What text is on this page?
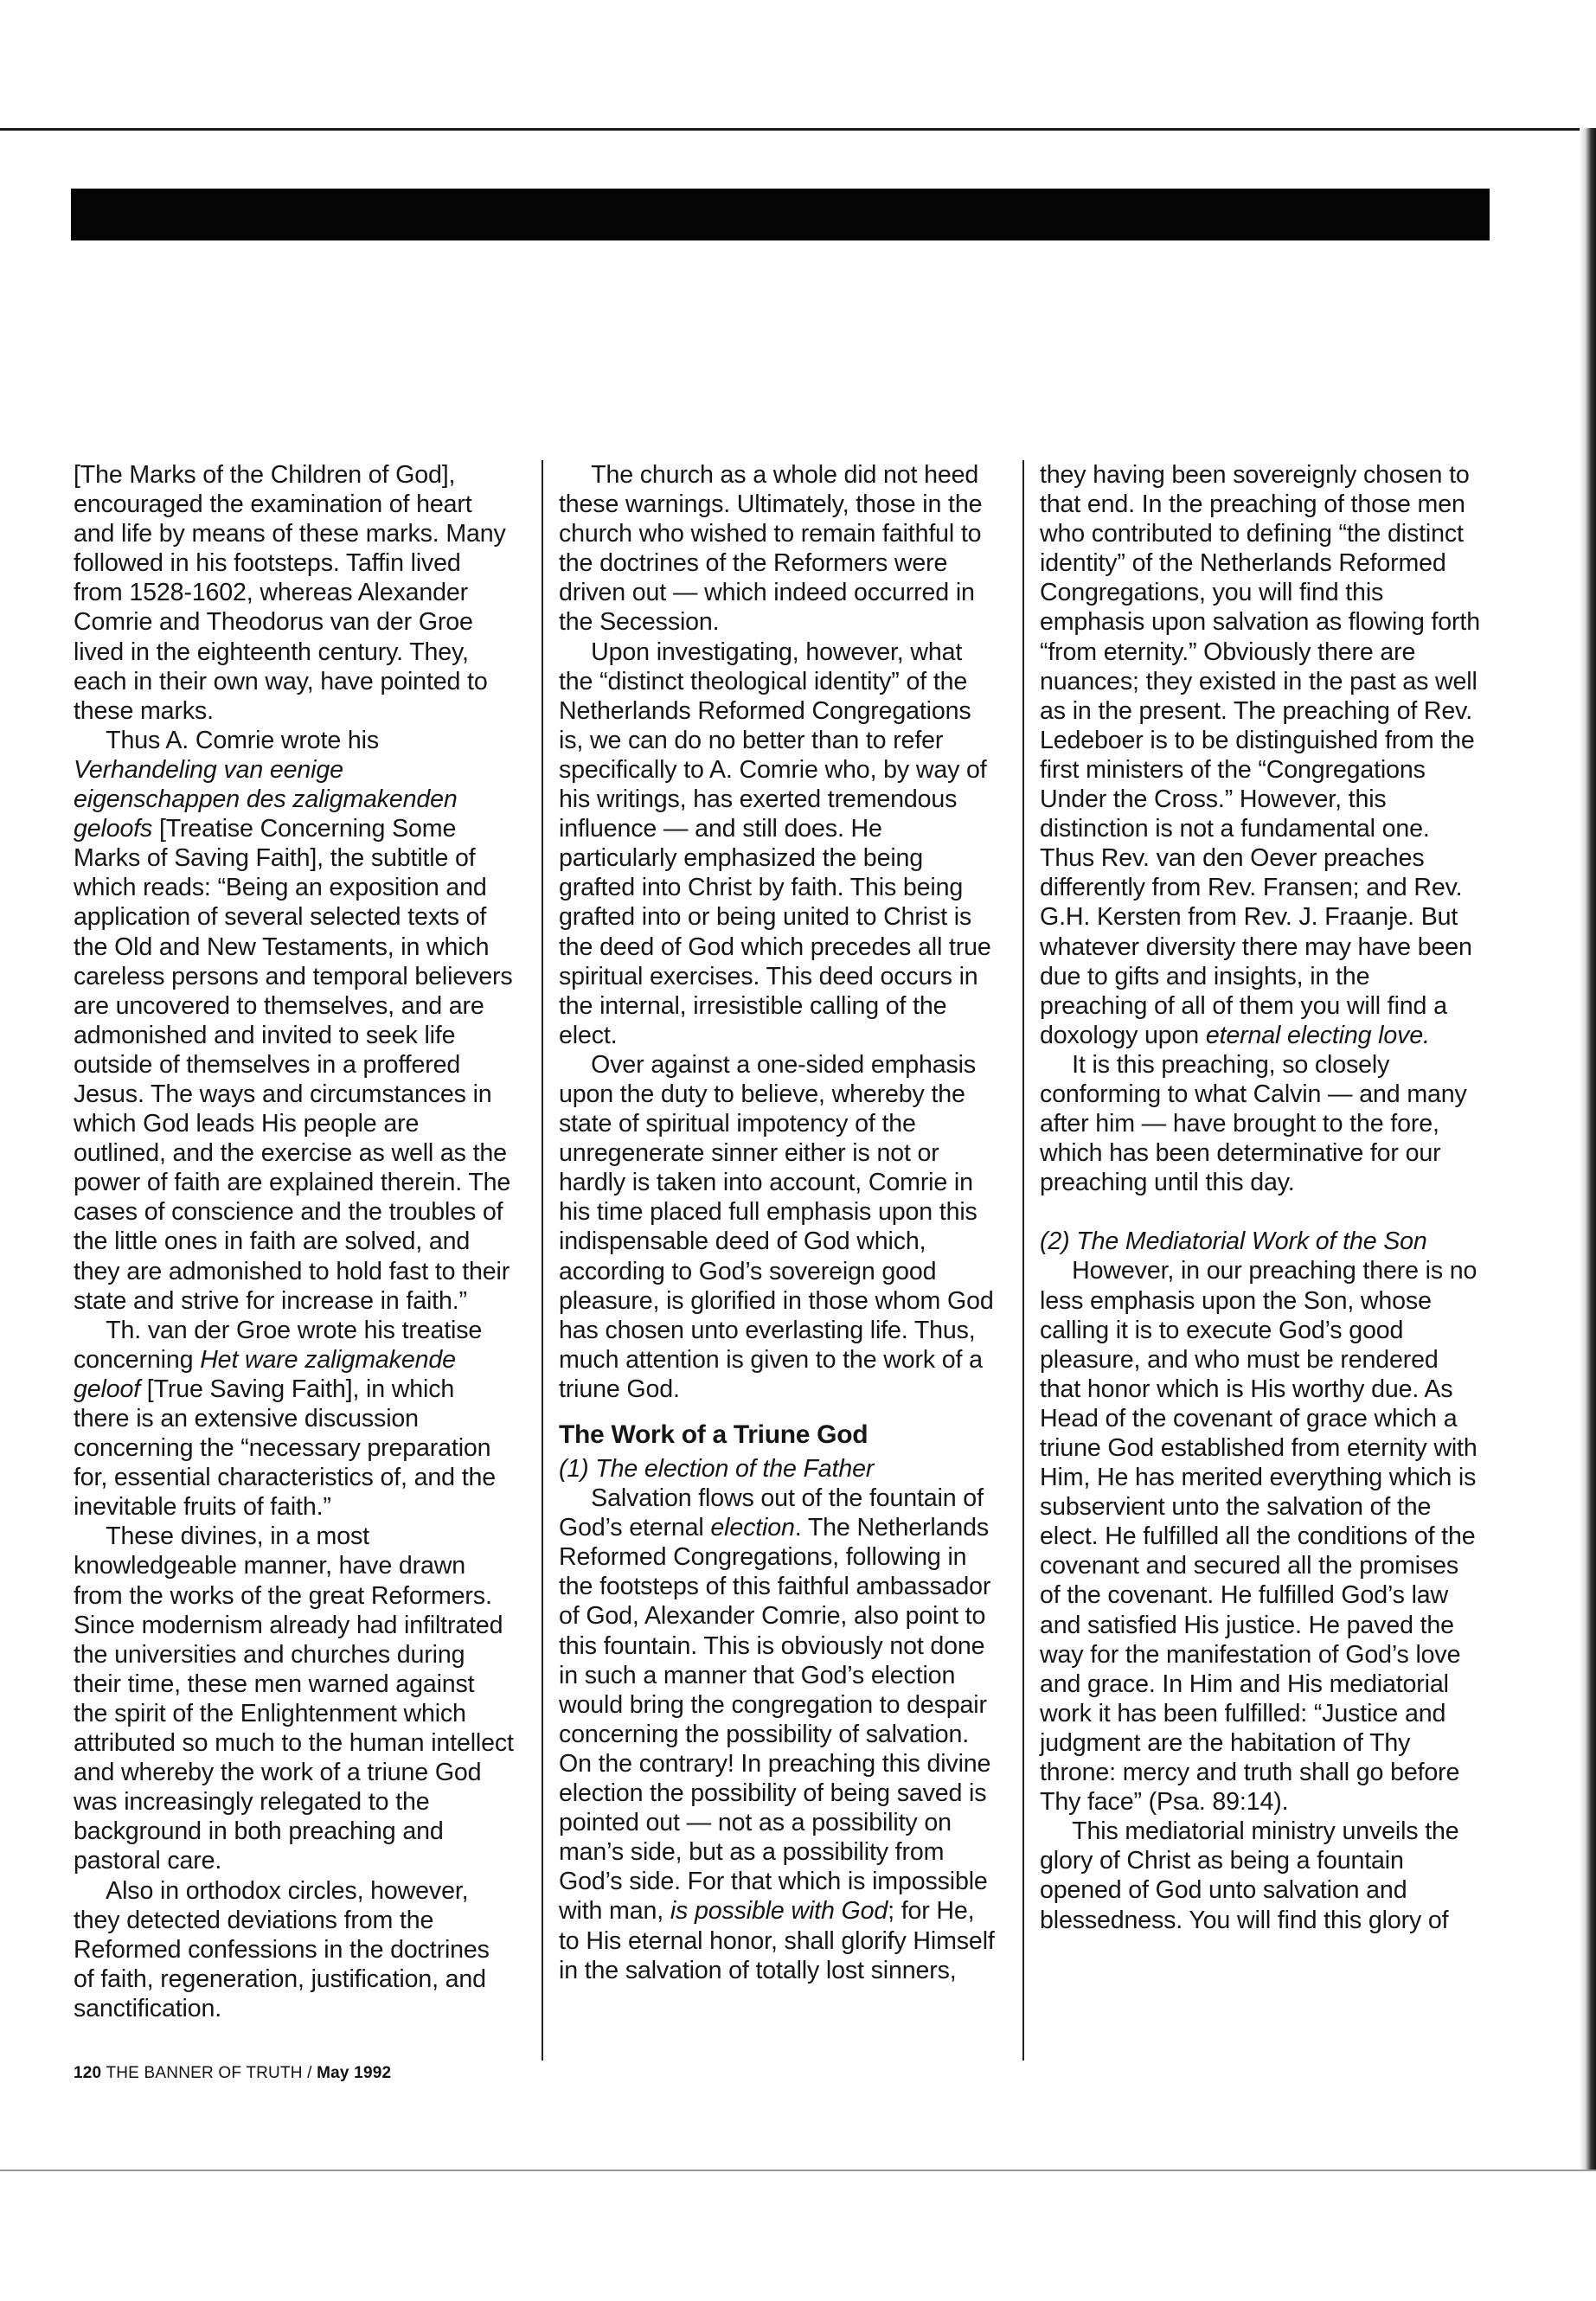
[The Marks of the Children of God], encouraged the examination of heart and life by means of these marks. Many followed in his footsteps. Taffin lived from 1528-1602, whereas Alexander Comrie and Theodorus van der Groe lived in the eighteenth century. They, each in their own way, have pointed to these marks.

Thus A. Comrie wrote his Verhandeling van eenige eigenschappen des zaligmakenden geloofs [Treatise Concerning Some Marks of Saving Faith], the subtitle of which reads: “Being an exposition and application of several selected texts of the Old and New Testaments, in which careless persons and temporal believers are uncovered to themselves, and are admonished and invited to seek life outside of themselves in a proffered Jesus. The ways and circumstances in which God leads His people are outlined, and the exercise as well as the power of faith are explained therein. The cases of conscience and the troubles of the little ones in faith are solved, and they are admonished to hold fast to their state and strive for increase in faith.”

Th. van der Groe wrote his treatise concerning Het ware zaligmakende geloof [True Saving Faith], in which there is an extensive discussion concerning the “necessary preparation for, essential characteristics of, and the inevitable fruits of faith.”

These divines, in a most knowledgeable manner, have drawn from the works of the great Reformers. Since modernism already had infiltrated the universities and churches during their time, these men warned against the spirit of the Enlightenment which attributed so much to the human intellect and whereby the work of a triune God was increasingly relegated to the background in both preaching and pastoral care.

Also in orthodox circles, however, they detected deviations from the Reformed confessions in the doctrines of faith, regeneration, justification, and sanctification.

The church as a whole did not heed these warnings. Ultimately, those in the church who wished to remain faithful to the doctrines of the Reformers were driven out — which indeed occurred in the Secession.

Upon investigating, however, what the “distinct theological identity” of the Netherlands Reformed Congregations is, we can do no better than to refer specifically to A. Comrie who, by way of his writings, has exerted tremendous influence — and still does. He particularly emphasized the being grafted into Christ by faith. This being grafted into or being united to Christ is the deed of God which precedes all true spiritual exercises. This deed occurs in the internal, irresistible calling of the elect.

Over against a one-sided emphasis upon the duty to believe, whereby the state of spiritual impotency of the unregenerate sinner either is not or hardly is taken into account, Comrie in his time placed full emphasis upon this indispensable deed of God which, according to God’s sovereign good pleasure, is glorified in those whom God has chosen unto everlasting life. Thus, much attention is given to the work of a triune God.

The Work of a Triune God

(1) The election of the Father

Salvation flows out of the fountain of God’s eternal election. The Netherlands Reformed Congregations, following in the footsteps of this faithful ambassador of God, Alexander Comrie, also point to this fountain. This is obviously not done in such a manner that God’s election would bring the congregation to despair concerning the possibility of salvation. On the contrary! In preaching this divine election the possibility of being saved is pointed out — not as a possibility on man’s side, but as a possibility from God’s side. For that which is impossible with man, is possible with God; for He, to His eternal honor, shall glorify Himself in the salvation of totally lost sinners,

they having been sovereignly chosen to that end. In the preaching of those men who contributed to defining “the distinct identity” of the Netherlands Reformed Congregations, you will find this emphasis upon salvation as flowing forth “from eternity.” Obviously there are nuances; they existed in the past as well as in the present. The preaching of Rev. Ledeboer is to be distinguished from the first ministers of the “Congregations Under the Cross.” However, this distinction is not a fundamental one. Thus Rev. van den Oever preaches differently from Rev. Fransen; and Rev. G.H. Kersten from Rev. J. Fraanje. But whatever diversity there may have been due to gifts and insights, in the preaching of all of them you will find a doxology upon eternal electing love.

It is this preaching, so closely conforming to what Calvin — and many after him — have brought to the fore, which has been determinative for our preaching until this day.

(2) The Mediatorial Work of the Son

However, in our preaching there is no less emphasis upon the Son, whose calling it is to execute God’s good pleasure, and who must be rendered that honor which is His worthy due. As Head of the covenant of grace which a triune God established from eternity with Him, He has merited everything which is subservient unto the salvation of the elect. He fulfilled all the conditions of the covenant and secured all the promises of the covenant. He fulfilled God’s law and satisfied His justice. He paved the way for the manifestation of God’s love and grace. In Him and His mediatorial work it has been fulfilled: “Justice and judgment are the habitation of Thy throne: mercy and truth shall go before Thy face” (Psa. 89:14).

This mediatorial ministry unveils the glory of Christ as being a fountain opened of God unto salvation and blessedness. You will find this glory of

120 THE BANNER OF TRUTH / May 1992
